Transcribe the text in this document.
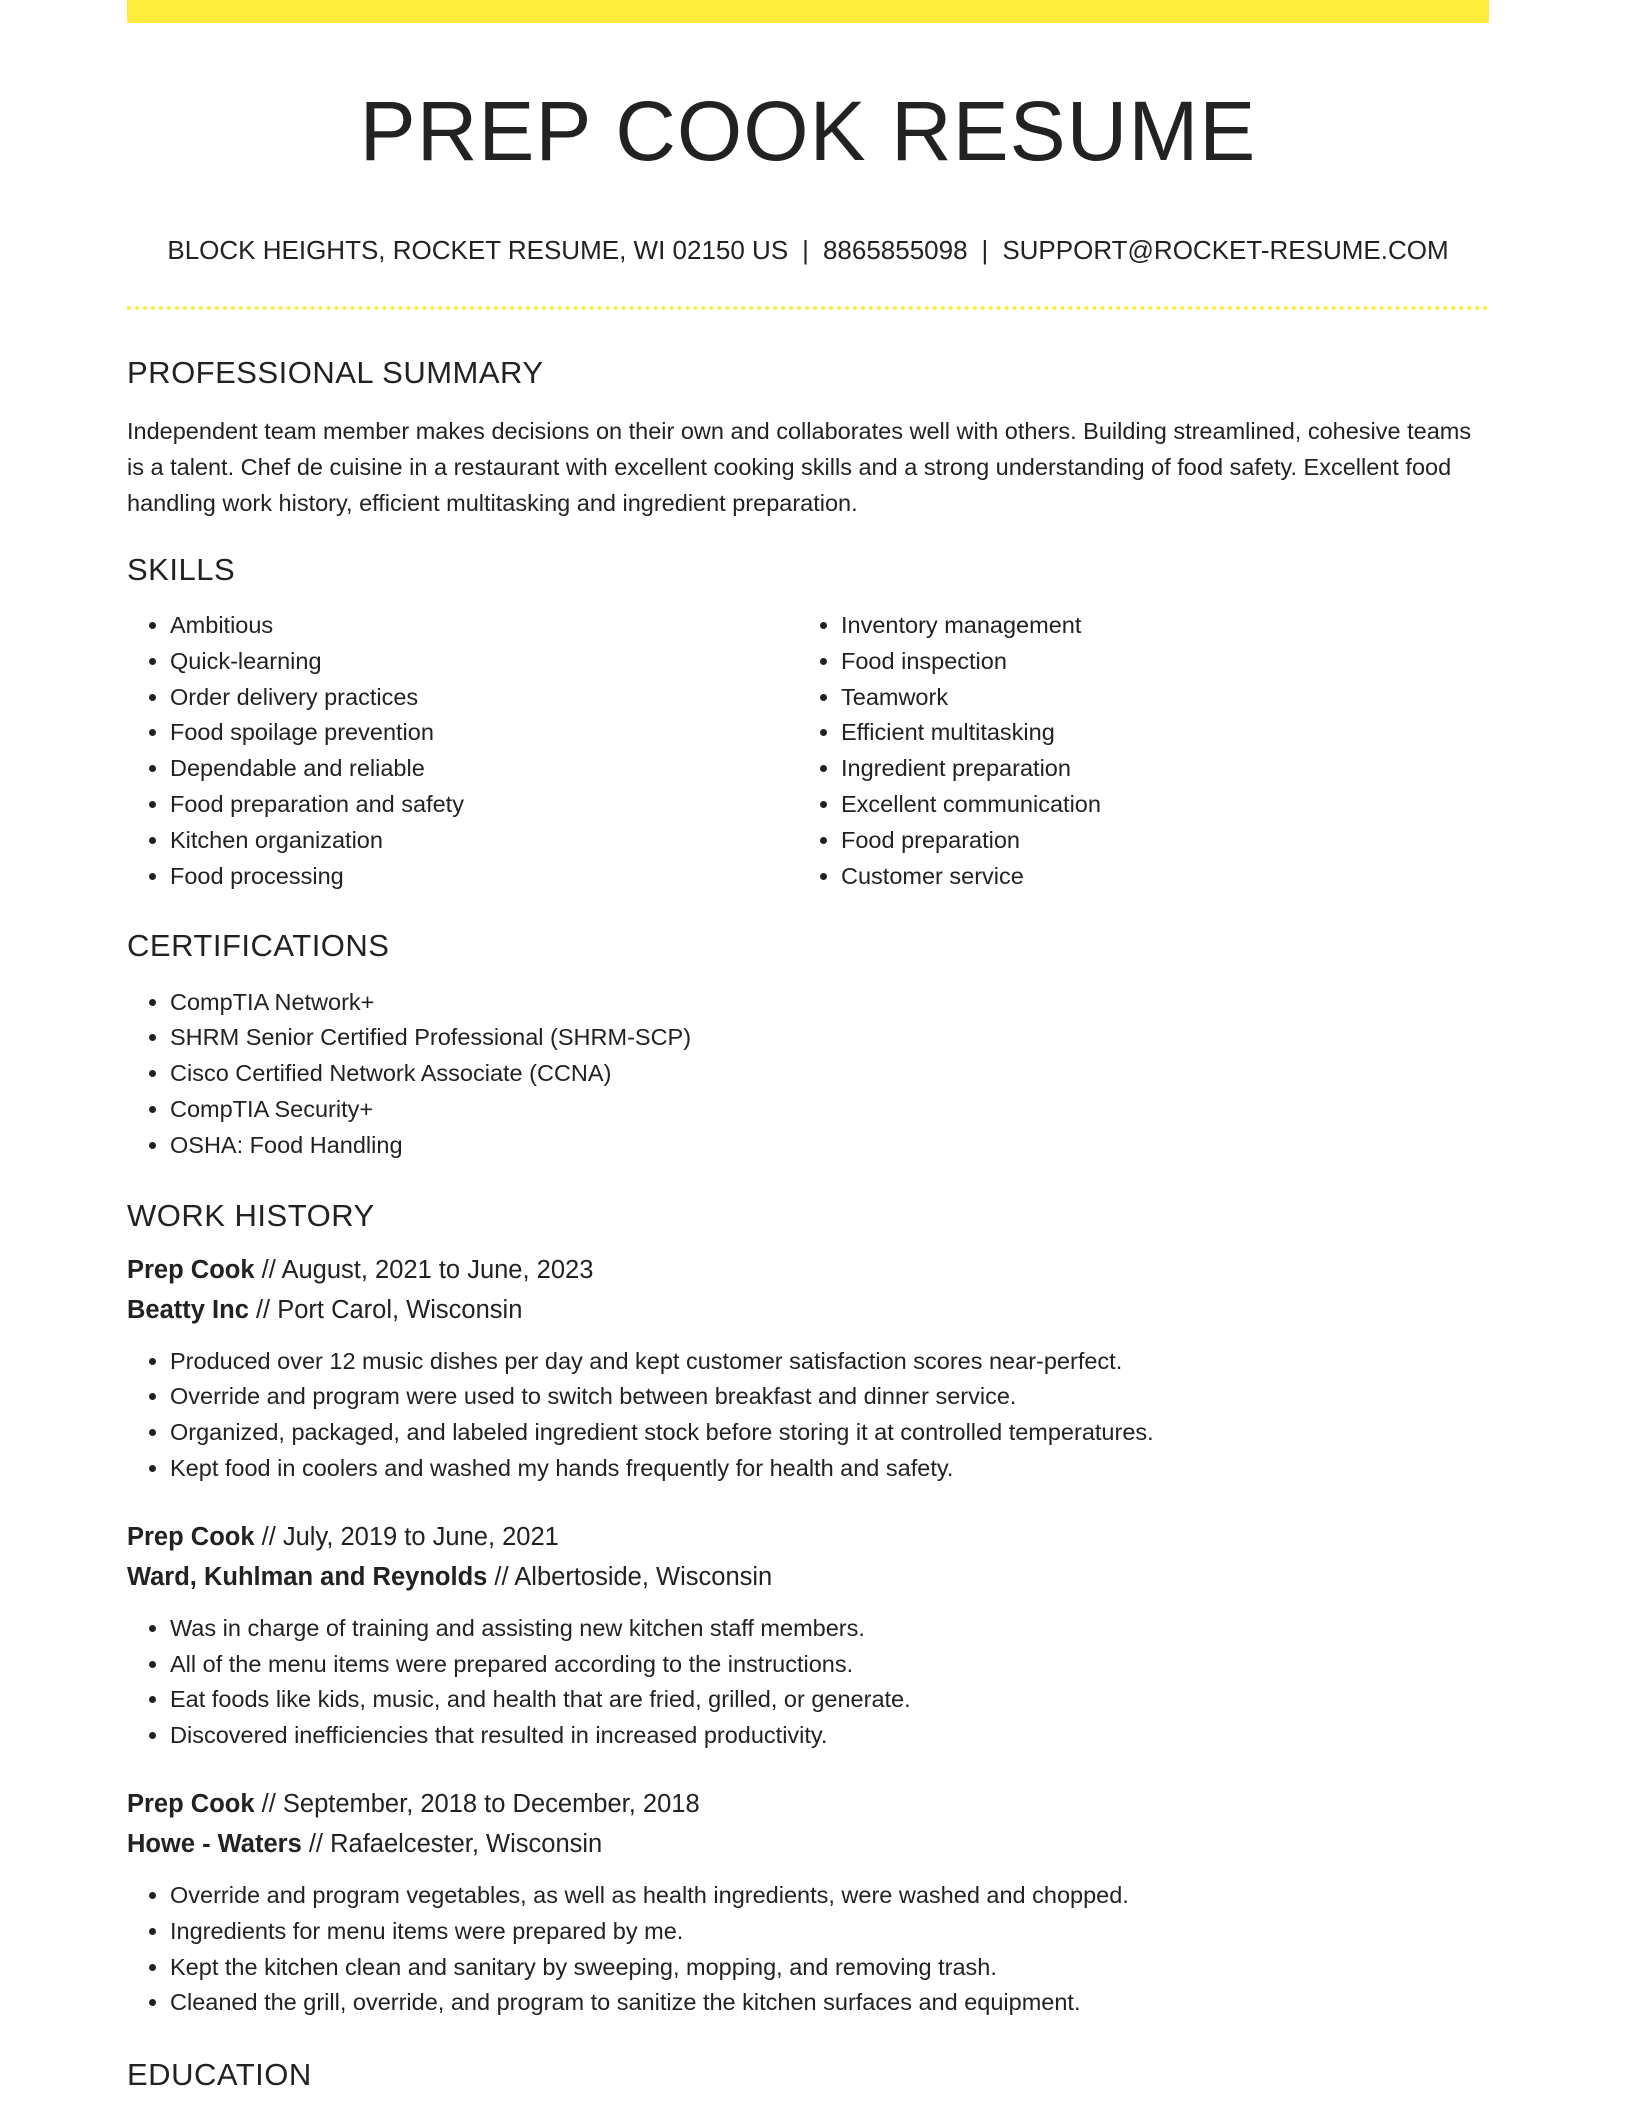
PREP COOK RESUME
BLOCK HEIGHTS, ROCKET RESUME, WI 02150 US | 8865855098 | SUPPORT@ROCKET-RESUME.COM
PROFESSIONAL SUMMARY
Independent team member makes decisions on their own and collaborates well with others. Building streamlined, cohesive teams is a talent. Chef de cuisine in a restaurant with excellent cooking skills and a strong understanding of food safety. Excellent food handling work history, efficient multitasking and ingredient preparation.
SKILLS
• Ambitious
• Quick-learning
• Order delivery practices
• Food spoilage prevention
• Dependable and reliable
• Food preparation and safety
• Kitchen organization
• Food processing
• Inventory management
• Food inspection
• Teamwork
• Efficient multitasking
• Ingredient preparation
• Excellent communication
• Food preparation
• Customer service
CERTIFICATIONS
• CompTIA Network+
• SHRM Senior Certified Professional (SHRM-SCP)
• Cisco Certified Network Associate (CCNA)
• CompTIA Security+
• OSHA: Food Handling
WORK HISTORY
Prep Cook // August, 2021 to June, 2023
Beatty Inc // Port Carol, Wisconsin
• Produced over 12 music dishes per day and kept customer satisfaction scores near-perfect.
• Override and program were used to switch between breakfast and dinner service.
• Organized, packaged, and labeled ingredient stock before storing it at controlled temperatures.
• Kept food in coolers and washed my hands frequently for health and safety.
Prep Cook // July, 2019 to June, 2021
Ward, Kuhlman and Reynolds // Albertoside, Wisconsin
• Was in charge of training and assisting new kitchen staff members.
• All of the menu items were prepared according to the instructions.
• Eat foods like kids, music, and health that are fried, grilled, or generate.
• Discovered inefficiencies that resulted in increased productivity.
Prep Cook // September, 2018 to December, 2018
Howe - Waters // Rafaelcester, Wisconsin
• Override and program vegetables, as well as health ingredients, were washed and chopped.
• Ingredients for menu items were prepared by me.
• Kept the kitchen clean and sanitary by sweeping, mopping, and removing trash.
• Cleaned the grill, override, and program to sanitize the kitchen surfaces and equipment.
EDUCATION
